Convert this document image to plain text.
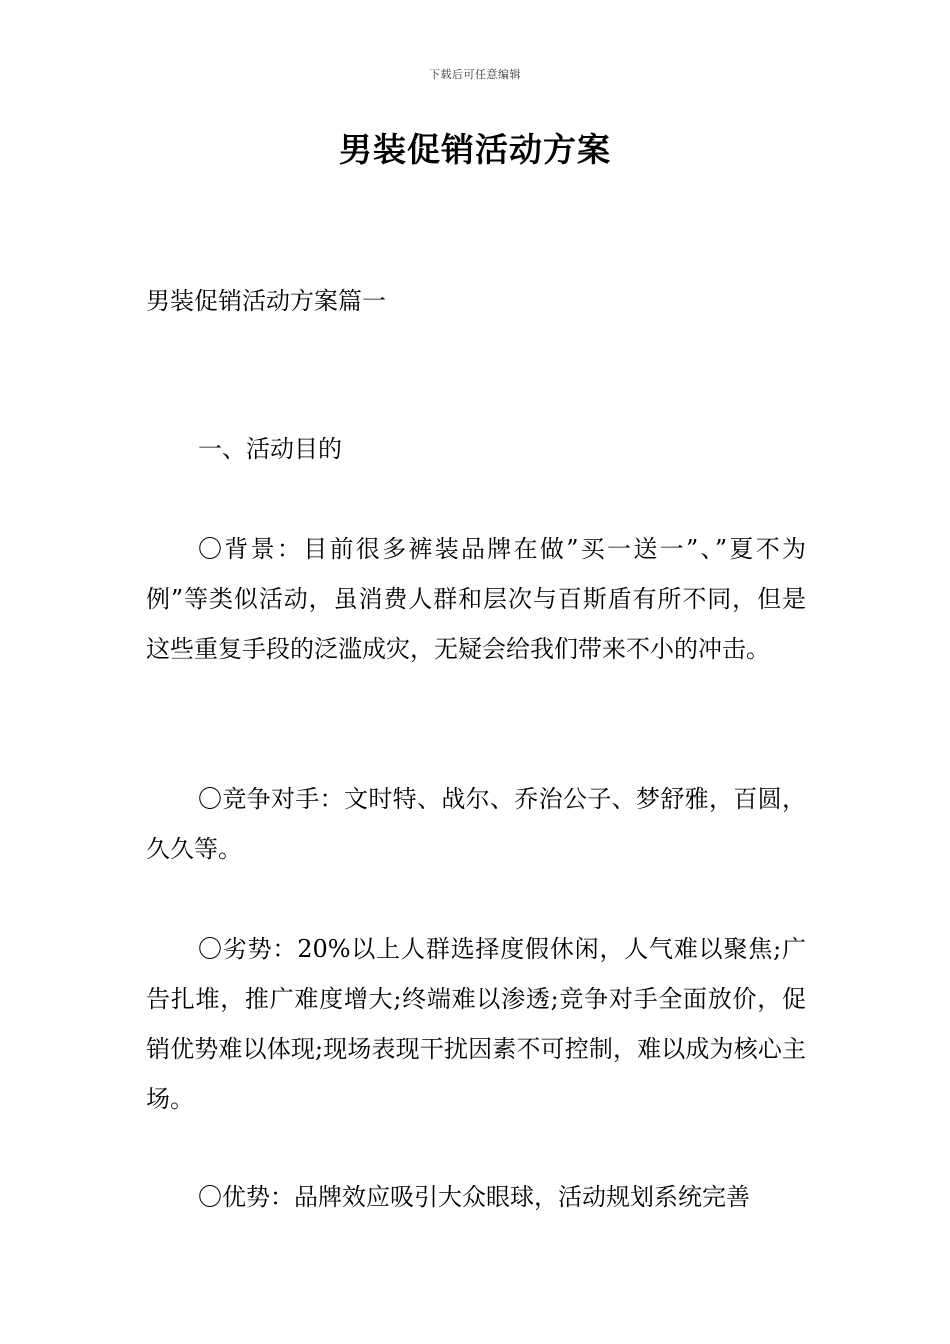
下载后可任意编辑
男装促销活动方案
男装促销活动方案篇一
一、活动目的
〇背景：目前很多裤装品牌在做”买一送一”、”夏不为例”等类似活动，虽消费人群和层次与百斯盾有所不同，但是这些重复手段的泛滥成灾，无疑会给我们带来不小的冲击。
〇竞争对手：文时特、战尔、乔治公子、梦舒雅，百圆，久久等。
〇劣势：20%以上人群选择度假休闲，人气难以聚焦;广告扎堆，推广难度增大;终端难以渗透;竞争对手全面放价，促销优势难以体现;现场表现干扰因素不可控制，难以成为核心主场。
〇优势：品牌效应吸引大众眼球，活动规划系统完善
